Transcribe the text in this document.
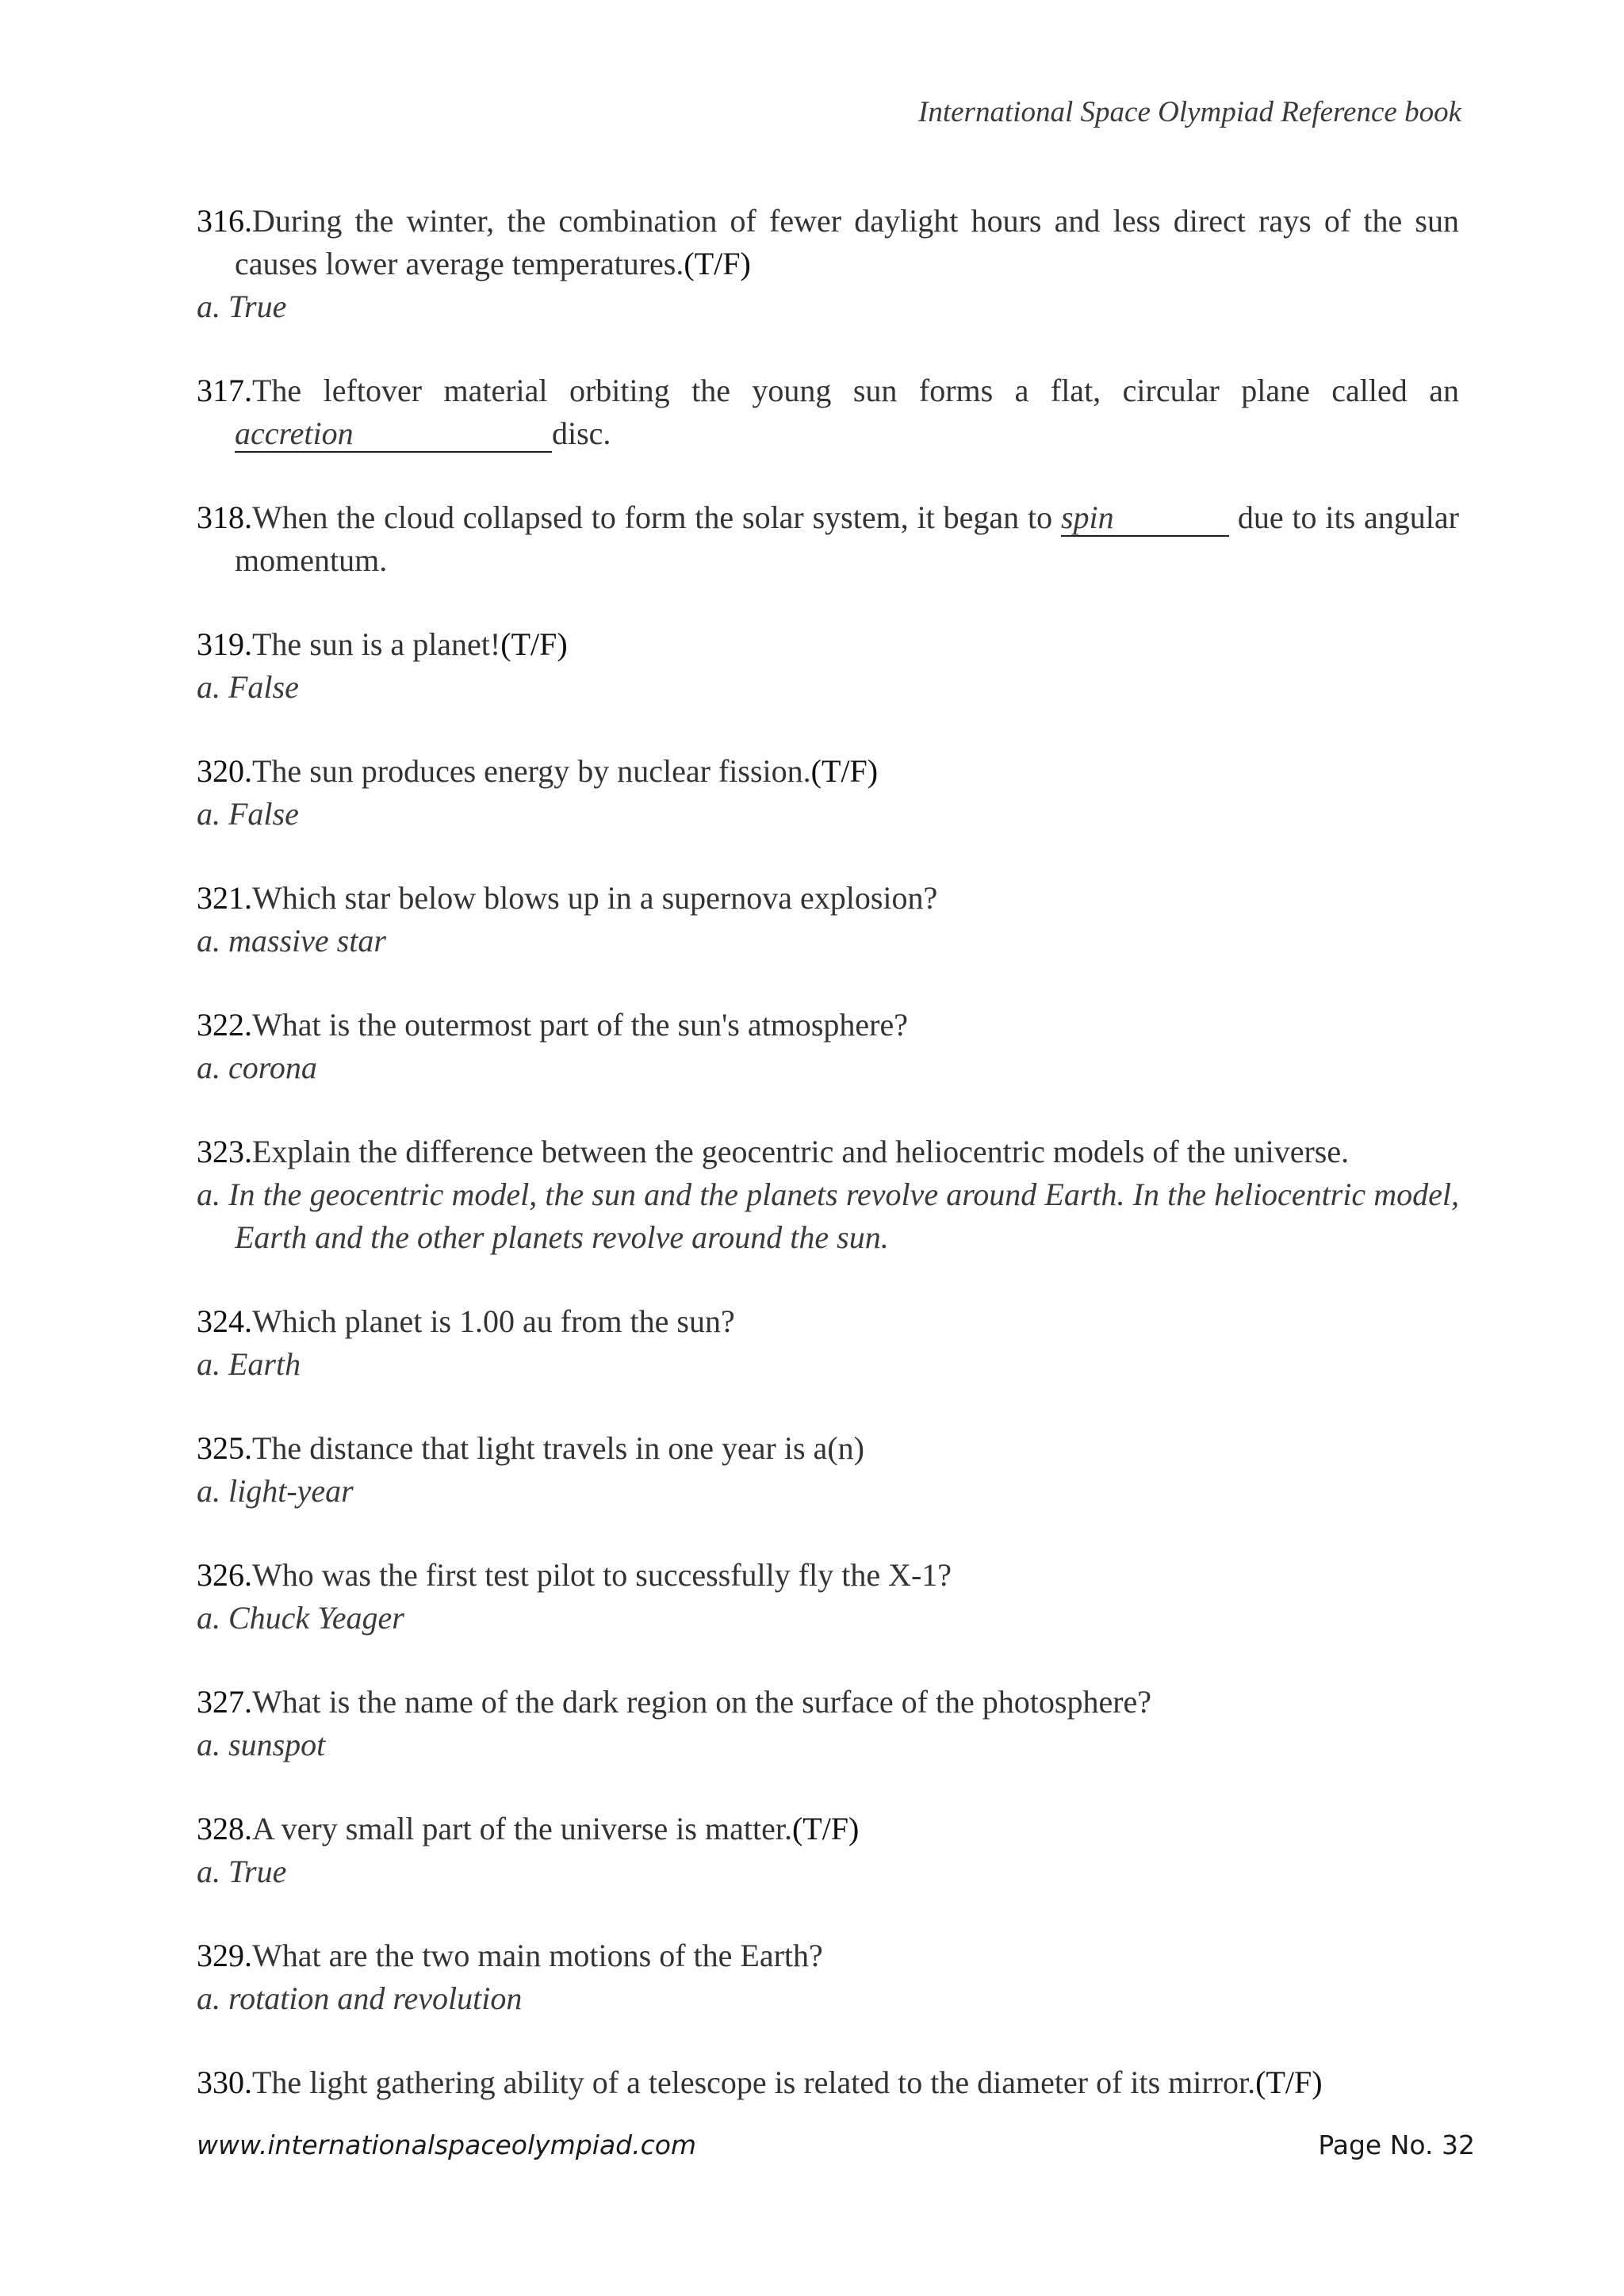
International Space Olympiad Reference book
316.During the winter, the combination of fewer daylight hours and less direct rays of the sun causes lower average temperatures.(T/F)
a. True
317.The leftover material orbiting the young sun forms a flat, circular plane called an accretion	disc.
318.When the cloud collapsed to form the solar system, it began to spin	due to its angular momentum.
319.The sun is a planet!(T/F)
a. False
320.The sun produces energy by nuclear fission.(T/F)
a. False
321.Which star below blows up in a supernova explosion?
a. massive star
322.What is the outermost part of the sun's atmosphere?
a. corona
323.Explain the difference between the geocentric and heliocentric models of the universe.
a. In the geocentric model, the sun and the planets revolve around Earth. In the heliocentric model, Earth and the other planets revolve around the sun.
324.Which planet is 1.00 au from the sun?
a. Earth
325.The distance that light travels in one year is a(n)
a. light-year
326.Who was the first test pilot to successfully fly the X-1?
a. Chuck Yeager
327.What is the name of the dark region on the surface of the photosphere?
a. sunspot
328.A very small part of the universe is matter.(T/F)
a. True
329.What are the two main motions of the Earth?
a. rotation and revolution
330.The light gathering ability of a telescope is related to the diameter of its mirror.(T/F)
www.internationalspaceolympiad.com	Page No. 32
